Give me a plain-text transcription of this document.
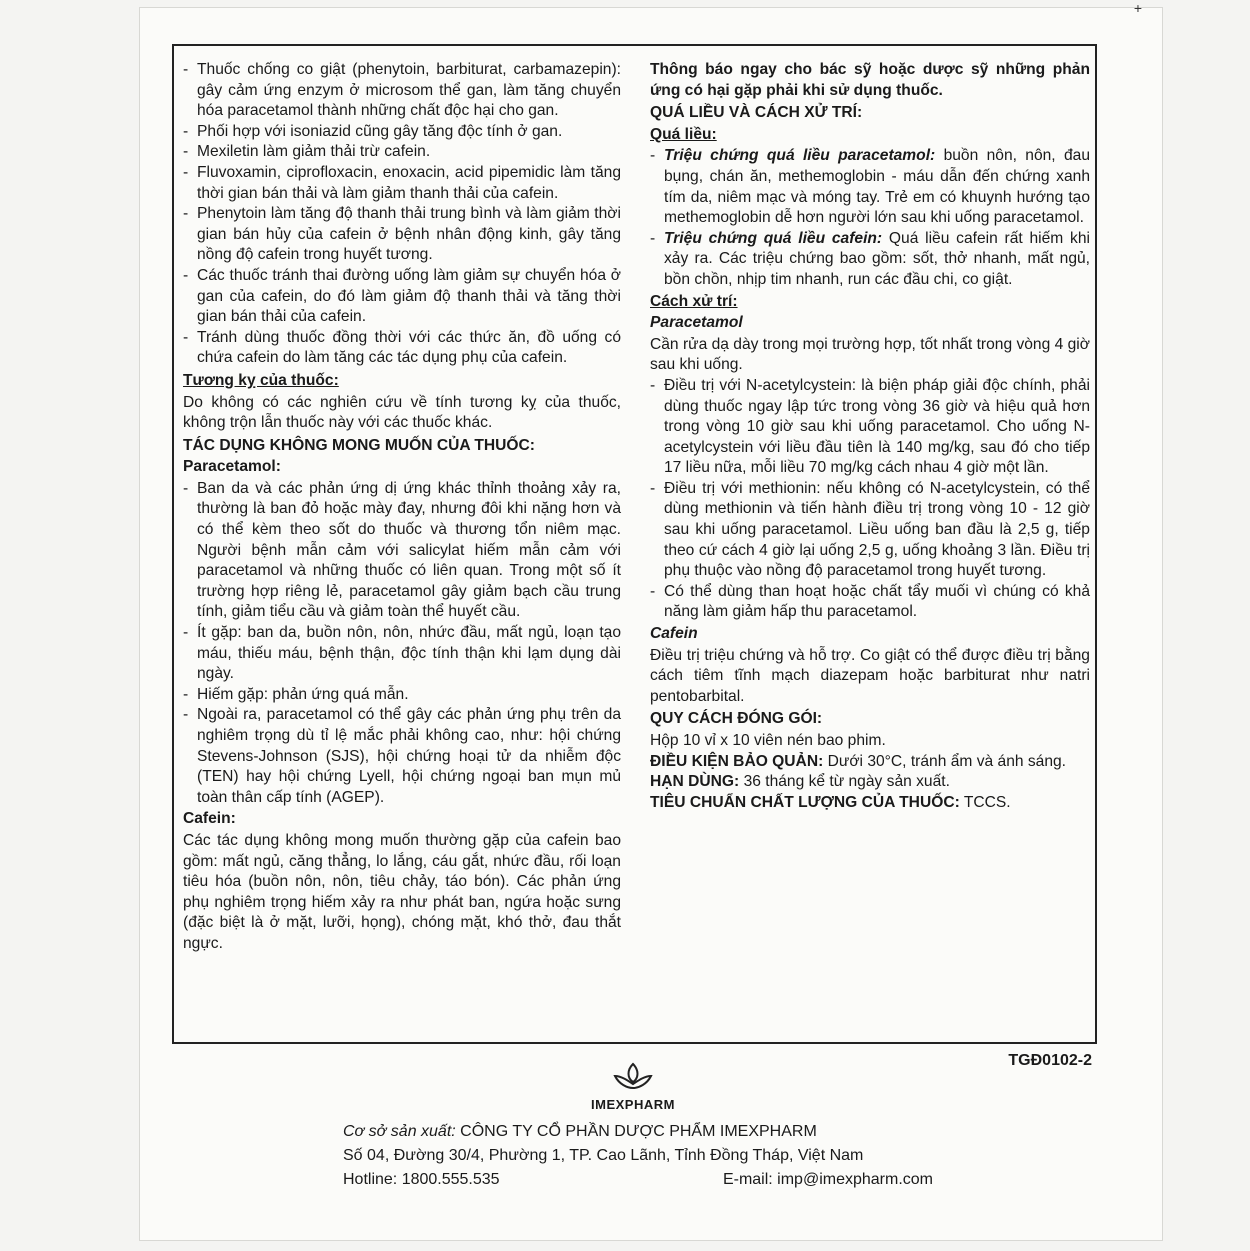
+
- Thuốc chống co giật (phenytoin, barbiturat, carbamazepin): gây cảm ứng enzym ở microsom thể gan, làm tăng chuyển hóa paracetamol thành những chất độc hại cho gan.
- Phối hợp với isoniazid cũng gây tăng độc tính ở gan.
- Mexiletin làm giảm thải trừ cafein.
- Fluvoxamin, ciprofloxacin, enoxacin, acid pipemidic làm tăng thời gian bán thải và làm giảm thanh thải của cafein.
- Phenytoin làm tăng độ thanh thải trung bình và làm giảm thời gian bán hủy của cafein ở bệnh nhân động kinh, gây tăng nồng độ cafein trong huyết tương.
- Các thuốc tránh thai đường uống làm giảm sự chuyển hóa ở gan của cafein, do đó làm giảm độ thanh thải và tăng thời gian bán thải của cafein.
- Tránh dùng thuốc đồng thời với các thức ăn, đồ uống có chứa cafein do làm tăng các tác dụng phụ của cafein.
Tương kỵ của thuốc:
Do không có các nghiên cứu về tính tương kỵ của thuốc, không trộn lẫn thuốc này với các thuốc khác.
TÁC DỤNG KHÔNG MONG MUỐN CỦA THUỐC:
Paracetamol:
- Ban da và các phản ứng dị ứng khác thỉnh thoảng xảy ra, thường là ban đỏ hoặc mày đay, nhưng đôi khi nặng hơn và có thể kèm theo sốt do thuốc và thương tổn niêm mạc. Người bệnh mẫn cảm với salicylat hiếm mẫn cảm với paracetamol và những thuốc có liên quan. Trong một số ít trường hợp riêng lẻ, paracetamol gây giảm bạch cầu trung tính, giảm tiểu cầu và giảm toàn thể huyết cầu.
- Ít gặp: ban da, buồn nôn, nôn, nhức đầu, mất ngủ, loạn tạo máu, thiếu máu, bệnh thận, độc tính thận khi lạm dụng dài ngày.
- Hiếm gặp: phản ứng quá mẫn.
- Ngoài ra, paracetamol có thể gây các phản ứng phụ trên da nghiêm trọng dù tỉ lệ mắc phải không cao, như: hội chứng Stevens-Johnson (SJS), hội chứng hoại tử da nhiễm độc (TEN) hay hội chứng Lyell, hội chứng ngoại ban mụn mủ toàn thân cấp tính (AGEP).
Cafein:
Các tác dụng không mong muốn thường gặp của cafein bao gồm: mất ngủ, căng thẳng, lo lắng, cáu gắt, nhức đầu, rối loạn tiêu hóa (buồn nôn, nôn, tiêu chảy, táo bón). Các phản ứng phụ nghiêm trọng hiếm xảy ra như phát ban, ngứa hoặc sưng (đặc biệt là ở mặt, lưỡi, họng), chóng mặt, khó thở, đau thắt ngực.
Thông báo ngay cho bác sỹ hoặc dược sỹ những phản ứng có hại gặp phải khi sử dụng thuốc.
QUÁ LIỀU VÀ CÁCH XỬ TRÍ:
Quá liều:
- Triệu chứng quá liều paracetamol: buồn nôn, nôn, đau bụng, chán ăn, methemoglobin - máu dẫn đến chứng xanh tím da, niêm mạc và móng tay. Trẻ em có khuynh hướng tạo methemoglobin dễ hơn người lớn sau khi uống paracetamol.
- Triệu chứng quá liều cafein: Quá liều cafein rất hiếm khi xảy ra. Các triệu chứng bao gồm: sốt, thở nhanh, mất ngủ, bồn chồn, nhịp tim nhanh, run các đầu chi, co giật.
Cách xử trí:
Paracetamol
Cần rửa dạ dày trong mọi trường hợp, tốt nhất trong vòng 4 giờ sau khi uống.
- Điều trị với N-acetylcystein: là biện pháp giải độc chính, phải dùng thuốc ngay lập tức trong vòng 36 giờ và hiệu quả hơn trong vòng 10 giờ sau khi uống paracetamol. Cho uống N-acetylcystein với liều đầu tiên là 140 mg/kg, sau đó cho tiếp 17 liều nữa, mỗi liều 70 mg/kg cách nhau 4 giờ một lần.
- Điều trị với methionin: nếu không có N-acetylcystein, có thể dùng methionin và tiến hành điều trị trong vòng 10 - 12 giờ sau khi uống paracetamol. Liều uống ban đầu là 2,5 g, tiếp theo cứ cách 4 giờ lại uống 2,5 g, uống khoảng 3 lần. Điều trị phụ thuộc vào nồng độ paracetamol trong huyết tương.
- Có thể dùng than hoạt hoặc chất tẩy muối vì chúng có khả năng làm giảm hấp thu paracetamol.
Cafein
Điều trị triệu chứng và hỗ trợ. Co giật có thể được điều trị bằng cách tiêm tĩnh mạch diazepam hoặc barbiturat như natri pentobarbital.
QUY CÁCH ĐÓNG GÓI:
Hộp 10 vỉ x 10 viên nén bao phim.
ĐIỀU KIỆN BẢO QUẢN: Dưới 30°C, tránh ẩm và ánh sáng.
HẠN DÙNG: 36 tháng kể từ ngày sản xuất.
TIÊU CHUẨN CHẤT LƯỢNG CỦA THUỐC: TCCS.
TGĐ0102-2
IMEXPHARM
Cơ sở sản xuất: CÔNG TY CỔ PHẦN DƯỢC PHẨM IMEXPHARM
Số 04, Đường 30/4, Phường 1, TP. Cao Lãnh, Tỉnh Đồng Tháp, Việt Nam
Hotline: 1800.555.535	E-mail: imp@imexpharm.com
